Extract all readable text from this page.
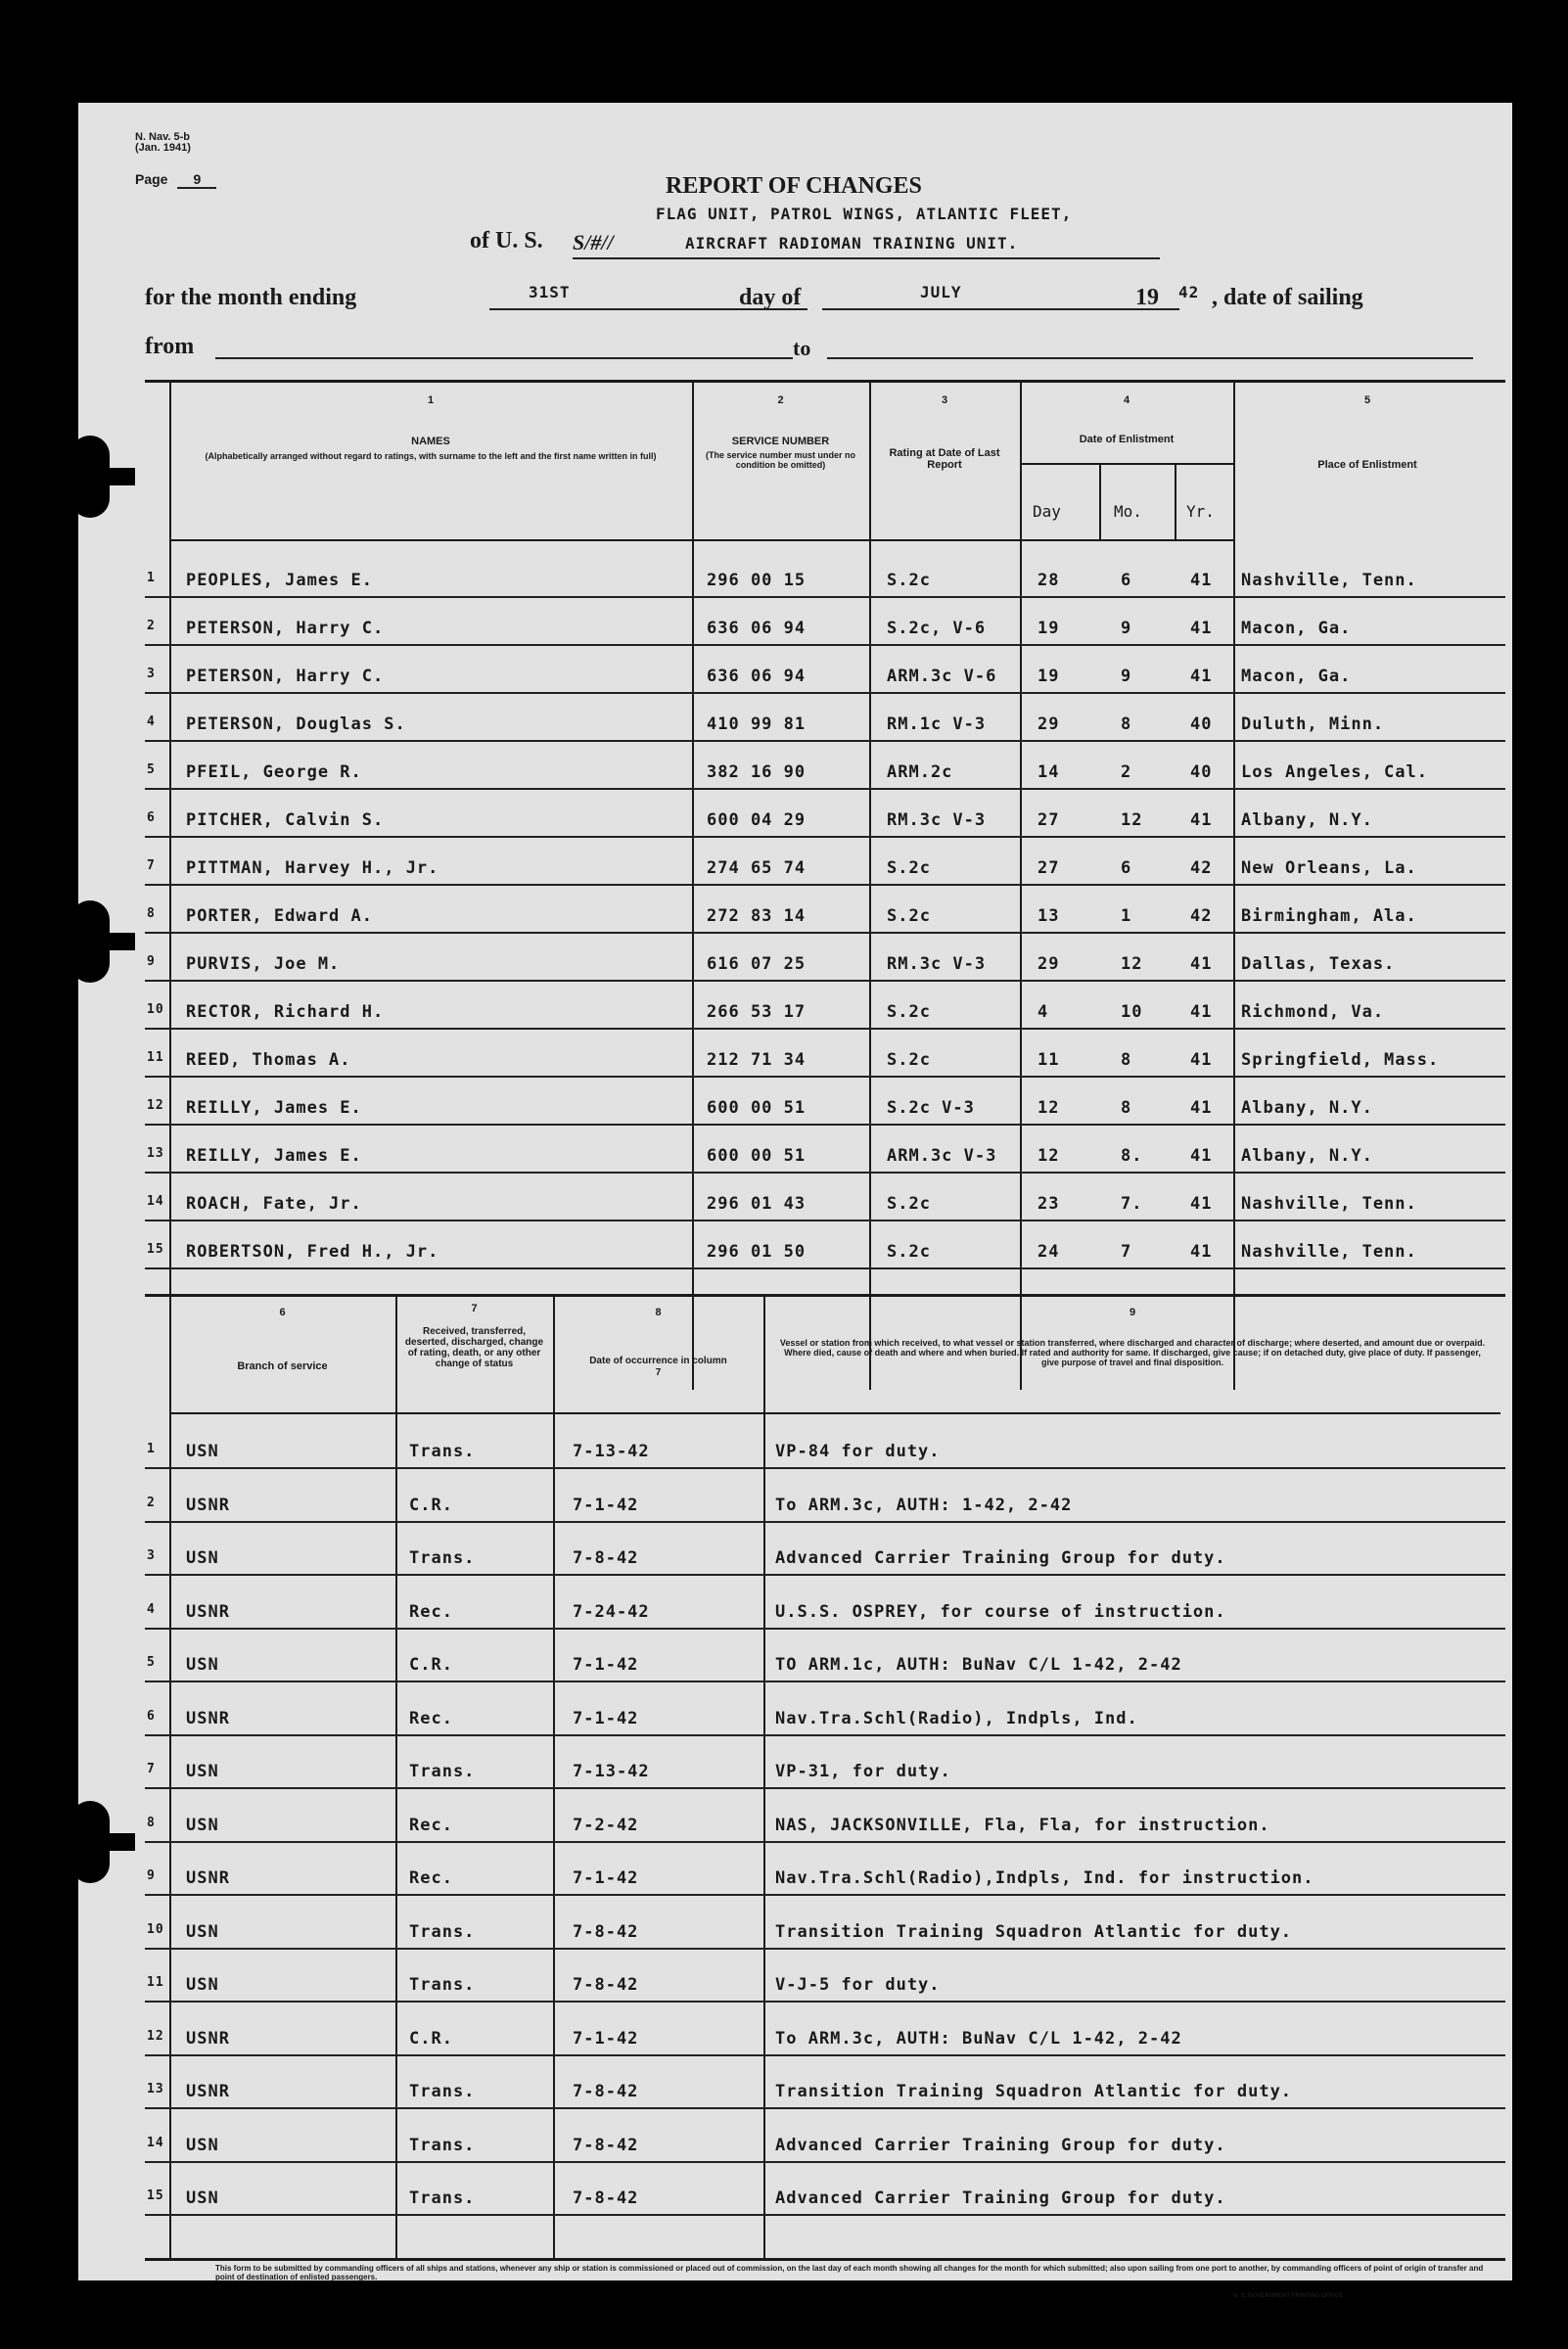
N. Nav. 5-b
(Jan. 1941)
Page 9	REPORT OF CHANGES
FLAG UNIT, PATROL WINGS, ATLANTIC FLEET,
of U. S. S/#//	AIRCRAFT RADIOMAN TRAINING UNIT.
for the month ending	31ST	day of	JULY	19 42 , date of sailing
from	to
1
NAMES
(Alphabetically arranged without regard to ratings, with surname to the left and the first name written in full)
2
SERVICE NUMBER
(The service number must under no condition be omitted)
3
Rating at Date of Last Report
4
Date of Enlistment
Day	Mo.	Yr.
5
Place of Enlistment
1 PEOPLES, James E.	296 00 15	S.2c	28	6	41 Nashville, Tenn.
2 PETERSON, Harry C.	636 06 94	S.2c, V-6	19	9	41 Macon, Ga.
3 PETERSON, Harry C.	636 06 94	ARM.3c V-6 19	9	41 Macon, Ga.
4 PETERSON, Douglas S.	410 99 81	RM.1c V-3	29	8	40 Duluth, Minn.
5 PFEIL, George R.	382 16 90	ARM.2c	14	2	40 Los Angeles, Cal.
6 PITCHER, Calvin S.	600 04 29	RM.3c V-3	27	12	41 Albany, N.Y.
7 PITTMAN, Harvey H., Jr.	274 65 74	S.2c	27	6	42 New Orleans, La.
8 PORTER, Edward A.	272 83 14	S.2c	13	1	42 Birmingham, Ala.
9 PURVIS, Joe M.	616 07 25	RM.3c V-3	29	12	41 Dallas, Texas.
10 RECTOR, Richard H.	266 53 17	S.2c	4	10	41 Richmond, Va.
11 REED, Thomas A.	212 71 34	S.2c	11	8	41 Springfield, Mass.
12 REILLY, James E.	600 00 51	S.2c V-3	12	8	41 Albany, N.Y.
13 REILLY, James E.	600 00 51	ARM.3c V-3 12	8.	41 Albany, N.Y.
14 ROACH, Fate, Jr.	296 01 43	S.2c	23	7.	41 Nashville, Tenn.
15 ROBERTSON, Fred H., Jr.	296 01 50	S.2c	24	7	41 Nashville, Tenn.
6
Branch of service
7
Received, transferred, deserted, discharged, change of rating, death, or any other change of status
8
Date of occurrence in column 7
9
Vessel or station from which received, to what vessel or station transferred, where discharged and character of discharge; where deserted, and amount due or overpaid. Where died, cause of death and where and when buried. If rated and authority for same. If discharged, give cause; if on detached duty, give place of duty. If passenger, give purpose of travel and final disposition.
1 USN	Trans.	7-13-42	VP-84 for duty.
2 USNR	C.R.	7-1-42	To ARM.3c, AUTH: 1-42, 2-42
3 USN	Trans.	7-8-42	Advanced Carrier Training Group for duty.
4 USNR	Rec.	7-24-42	U.S.S. OSPREY, for course of instruction.
5 USN	C.R.	7-1-42	TO ARM.1c, AUTH: BuNav C/L 1-42, 2-42
6 USNR	Rec.	7-1-42	Nav.Tra.Schl(Radio), Indpls, Ind.
7 USN	Trans.	7-13-42	VP-31, for duty.
8 USN	Rec.	7-2-42	NAS, JACKSONVILLE, Fla, Fla, for instruction.
9 USNR	Rec.	7-1-42	Nav.Tra.Schl(Radio),Indpls, Ind. for instruction.
10 USN	Trans.	7-8-42	Transition Training Squadron Atlantic for duty.
11 USN	Trans.	7-8-42	V-J-5 for duty.
12 USNR	C.R.	7-1-42	To ARM.3c, AUTH: BuNav C/L 1-42, 2-42
13 USNR	Trans.	7-8-42	Transition Training Squadron Atlantic for duty.
14 USN	Trans.	7-8-42	Advanced Carrier Training Group for duty.
15 USN	Trans.	7-8-42	Advanced Carrier Training Group for duty.
This form to be submitted by commanding officers of all ships and stations, whenever any ship or station is commissioned or placed out of commission, on the last day of each month showing all changes for the month for which submitted; also upon sailing from one port to another, by commanding officers of point of origin of transfer and point of destination of enlisted passengers.
U. S. GOVERNMENT PRINTING OFFICE
